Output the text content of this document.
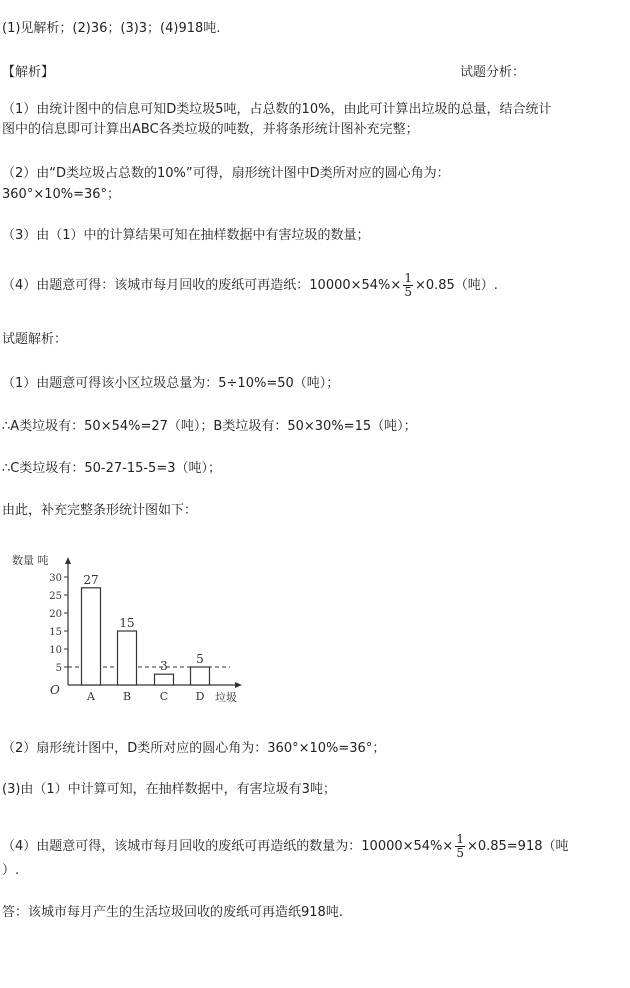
(1)见解析；(2)36；(3)3；(4)918吨.
【解析】	试题分析：
（1）由统计图中的信息可知D类垃圾5吨，占总数的10%，由此可计算出垃圾的总量，结合统计
图中的信息即可计算出ABC各类垃圾的吨数，并将条形统计图补充完整；
（2）由“D类垃圾占总数的10%”可得，扇形统计图中D类所对应的圆心角为：
360°×10%=36°；
（3）由（1）中的计算结果可知在抽样数据中有害垃圾的数量；
（4）由题意可得：该城市每月回收的废纸可再造纸：$10000\times 54\%\times \frac{1}{5} \times 0.85$（吨）.
试题解析：
（1）由题意可得该小区垃圾总量为：5÷10%=50（吨）；
∴A类垃圾有：50×54%=27（吨）；B类垃圾有：50×30%=15（吨）；
∴C类垃圾有：50-27-15-5=3（吨）；
由此，补充完整条形统计图如下：
数量 吨
垃圾
O
5
10
15
20
25
30 27
A
15
B
3
C
5
D
（2）扇形统计图中，D类所对应的圆心角为：360°×10%=36°；
(3)由（1）中计算可知，在抽样数据中，有害垃圾有3吨；
（4）由题意可得，该城市每月回收的废纸可再造纸的数量为：$10000\times 54\%\times \frac{1}{5} \times 0.85=918$（吨
）.
答：该城市每月产生的生活垃圾回收的废纸可再造纸918吨.
